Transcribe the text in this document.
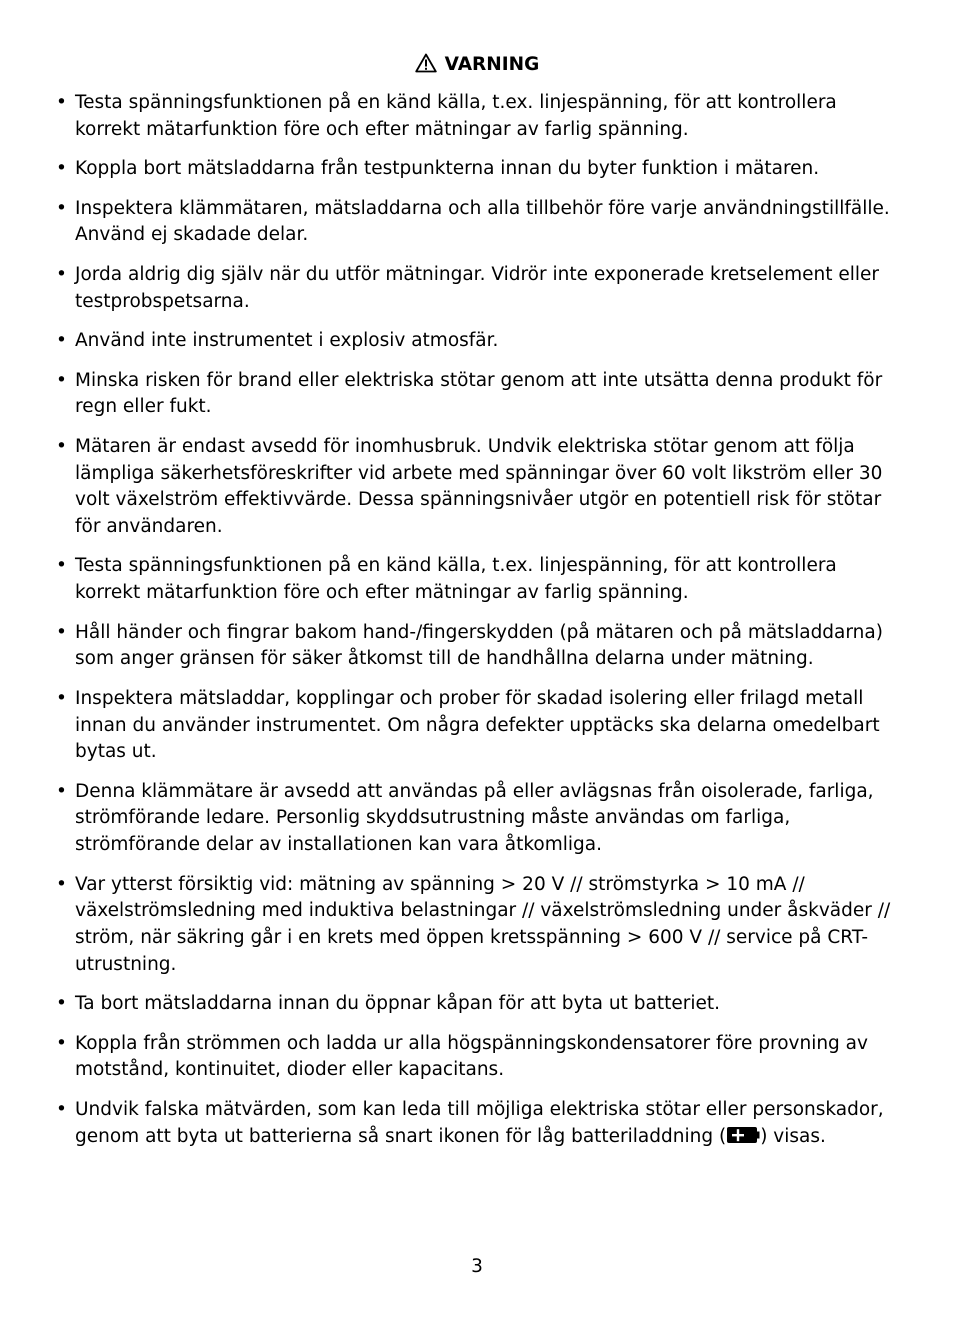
VARNING
• Testa spänningsfunktionen på en känd källa, t.ex. linjespänning, för att kontrollera korrekt mätarfunktion före och efter mätningar av farlig spänning.
• Koppla bort mätsladdarna från testpunkterna innan du byter funktion i mätaren.
• Inspektera klämmätaren, mätsladdarna och alla tillbehör före varje användningstillfälle. Använd ej skadade delar.
• Jorda aldrig dig själv när du utför mätningar. Vidrör inte exponerade kretselement eller testprobspetsarna.
• Använd inte instrumentet i explosiv atmosfär.
• Minska risken för brand eller elektriska stötar genom att inte utsätta denna produkt för regn eller fukt.
• Mätaren är endast avsedd för inomhusbruk. Undvik elektriska stötar genom att följa lämpliga säkerhetsföreskrifter vid arbete med spänningar över 60 volt likström eller 30 volt växelström effektivvärde. Dessa spänningsnivåer utgör en potentiell risk för stötar för användaren.
• Testa spänningsfunktionen på en känd källa, t.ex. linjespänning, för att kontrollera korrekt mätarfunktion före och efter mätningar av farlig spänning.
• Håll händer och fingrar bakom hand-/fingerskydden (på mätaren och på mätsladdarna) som anger gränsen för säker åtkomst till de handhållna delarna under mätning.
• Inspektera mätsladdar, kopplingar och prober för skadad isolering eller frilagd metall innan du använder instrumentet. Om några defekter upptäcks ska delarna omedelbart bytas ut.
• Denna klämmätare är avsedd att användas på eller avlägsnas från oisolerade, farliga, strömförande ledare. Personlig skyddsutrustning måste användas om farliga, strömförande delar av installationen kan vara åtkomliga.
• Var ytterst försiktig vid: mätning av spänning > 20 V // strömstyrka > 10 mA // växelströmsledning med induktiva belastningar // växelströmsledning under åskväder // ström, när säkring går i en krets med öppen kretsspänning > 600 V // service på CRT-utrustning.
• Ta bort mätsladdarna innan du öppnar kåpan för att byta ut batteriet.
• Koppla från strömmen och ladda ur alla högspänningskondensatorer före provning av motstånd, kontinuitet, dioder eller kapacitans.
• Undvik falska mätvärden, som kan leda till möjliga elektriska stötar eller personskador, genom att byta ut batterierna så snart ikonen för låg batteriladdning ( ) visas.
3
